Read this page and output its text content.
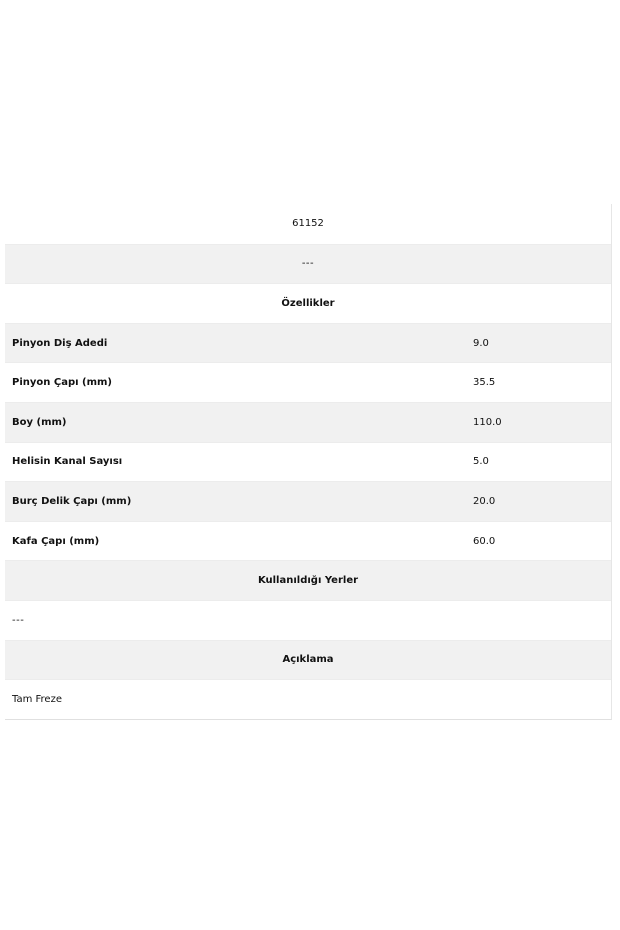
61152
---
Özellikler
Pinyon Diş Adedi	9.0
Pinyon Çapı (mm)	35.5
Boy (mm)	110.0
Helisin Kanal Sayısı	5.0
Burç Delik Çapı (mm)	20.0
Kafa Çapı (mm)	60.0
Kullanıldığı Yerler
---
Açıklama
Tam Freze
